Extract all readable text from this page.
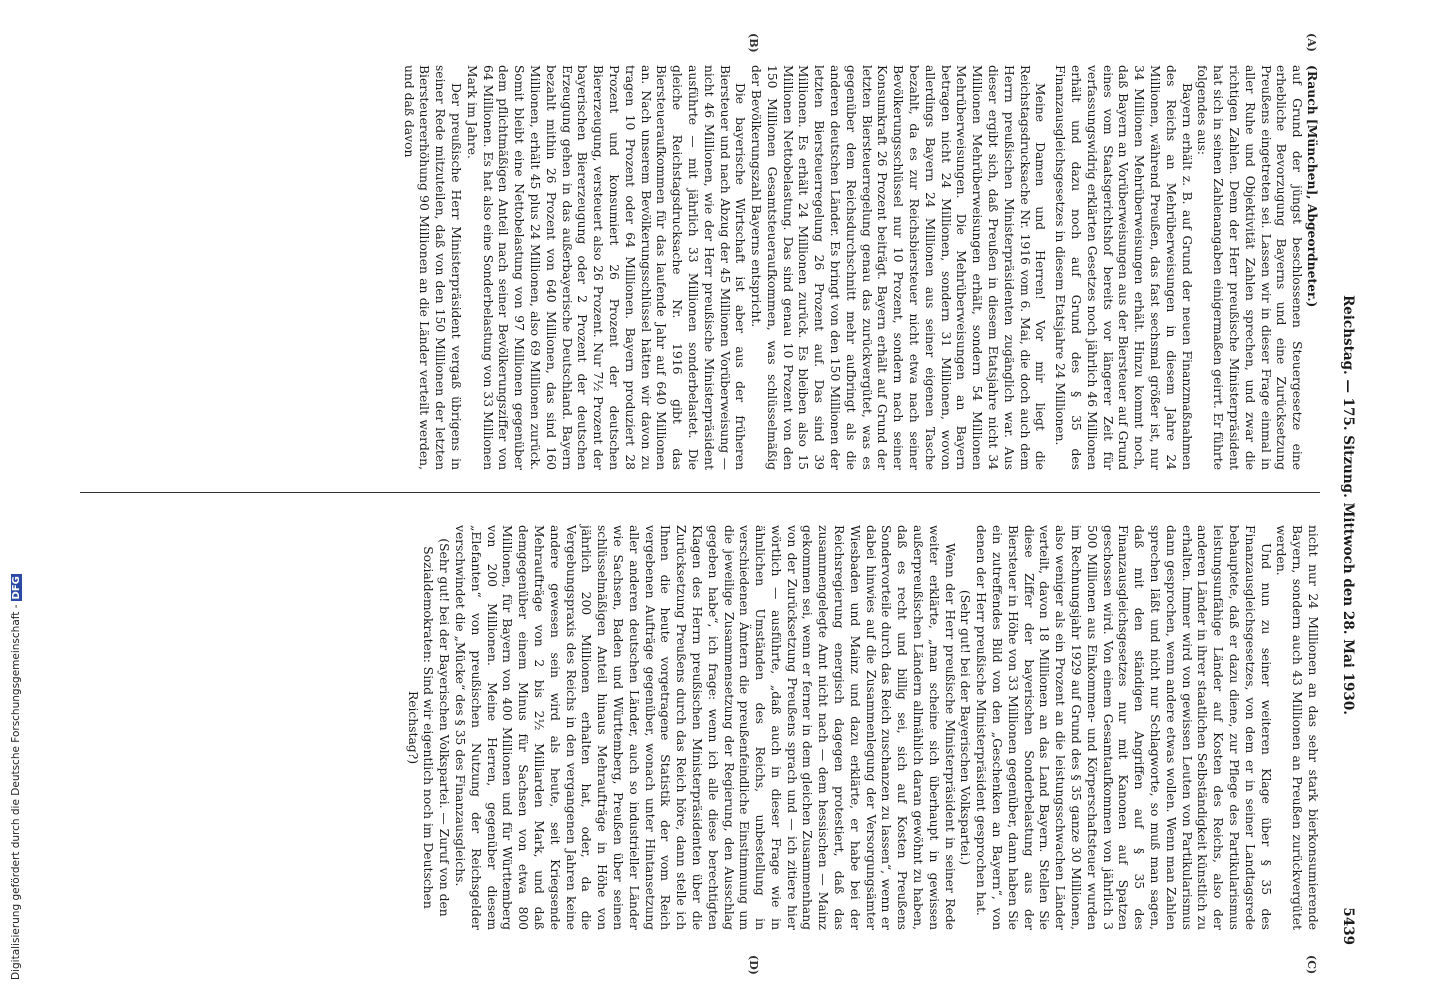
Digitalisierung gefördert durch die Deutsche Forschungsgemeinschaft -DFG	Reichstag. — 175. Sitzung. Mittwoch den 28. Mai 1930.
5439
(A)
(B)
(C)
(D)

(Rauch [München], Abgeordneter.)

auf Grund der jüngst beschlossenen Steuergesetze eine erhebliche Bevorzugung Bayerns und eine Zurücksetzung Preußens eingetreten sei. Lassen wir in dieser Frage einmal in aller Ruhe und Objektivität Zahlen sprechen, und zwar die richtigen Zahlen. Denn der Herr preußische Ministerpräsident hat sich in seinen Zahlenangaben einigermaßen geirrt. Er führte folgendes aus:

Bayern erhält z. B. auf Grund der neuen Finanzmaßnahmen des Reichs an Mehrüberweisungen in diesem Jahre 24 Millionen, während Preußen, das fast sechsmal größer ist, nur 34 Millionen Mehrüberweisungen erhält. Hinzu kommt noch, daß Bayern an Vorüberweisungen aus der Biersteuer auf Grund eines vom Staatsgerichtshof bereits vor längerer Zeit für verfassungswidrig erklärten Gesetzes noch jährlich 46 Millionen erhält und dazu noch auf Grund des § 35 des Finanzausgleichsgesetzes in diesem Etatsjahre 24 Millionen.

Meine Damen und Herren! Vor mir liegt die Reichstagsdrucksache Nr. 1916 vom 6. Mai, die doch auch dem Herrn preußischen Ministerpräsidenten zugänglich war. Aus dieser ergibt sich, daß Preußen in diesem Etatsjahre nicht 34 Millionen Mehrüberweisungen erhält, sondern 54 Millionen Mehrüberweisungen. Die Mehrüberweisungen an Bayern betragen nicht 24 Millionen, sondern 31 Millionen, wovon allerdings Bayern 24 Millionen aus seiner eigenen Tasche bezahlt, da es zur Reichsbiersteuer nicht etwa nach seiner Bevölkerungsschlüssel nur 10 Prozent, sondern nach seiner Konsumkraft 26 Prozent beiträgt. Bayern erhält auf Grund der letzten Biersteuerregelung genau das zurückvergütet, was es gegenüber dem Reichsdurchschnitt mehr aufbringt als die anderen deutschen Länder. Es bringt von den 150 Millionen der letzten Biersteuerregelung 26 Prozent auf. Das sind 39 Millionen. Es erhält 24 Millionen zurück. Es bleiben also 15 Millionen Nettobelastung. Das sind genau 10 Prozent von den 150 Millionen Gesamtsteueraufkommen, was schlüsselmäßig der Bevölkerungszahl Bayerns entspricht.

Die bayerische Wirtschaft ist aber aus der früheren Biersteuer und nach Abzug der 45 Millionen Vorüberweisung — nicht 46 Millionen, wie der Herr preußische Ministerpräsident ausführte — mit jährlich 33 Millionen sonderbelastet. Die gleiche Reichstagsdrucksache Nr. 1916 gibt das Biersteueraufkommen für das laufende Jahr auf 640 Millionen an. Nach unserem Bevölkerungsschlüssel hätten wir davon zu tragen 10 Prozent oder 64 Millionen. Bayern produziert 28 Prozent und konsumiert 26 Prozent der deutschen Biererzeugung, versteuert also 26 Prozent. Nur 7½ Prozent der bayerischen Biererzeugung oder 2 Prozent der deutschen Erzeugung gehen in das außerbayerische Deutschland. Bayern bezahlt mithin 26 Prozent von 640 Millionen, das sind 160 Millionen, erhält 45 plus 24 Millionen, also 69 Millionen zurück. Somit bleibt eine Nettobelastung von 97 Millionen gegenüber dem pflichtmäßigen Anteil nach seiner Bevölkerungsziffer von 64 Millionen. Es hat also eine Sonderbelastung von 33 Millionen Mark im Jahre.

Der preußische Herr Ministerpräsident vergaß übrigens in seiner Rede mitzuteilen, daß von den 150 Millionen der letzten Biersteuererhöhung 90 Millionen an die Länder verteilt werden, und daß davon

nicht nur 24 Millionen an das sehr stark bierkonsumierende Bayern, sondern auch 43 Millionen an Preußen zurückvergütet werden.

Und nun zu seiner weiteren Klage über § 35 des Finanzausgleichsgesetzes, von dem er in seiner Landtagsrede behauptete, daß er dazu diene, zur Pflege des Partikularismus leistungsunfähige Länder auf Kosten des Reichs, also der anderen Länder in ihrer staatlichen Selbständigkeit künstlich zu erhalten. Immer wird von gewissen Leuten von Partikularismus dann gesprochen, wenn andere etwas wollen. Wenn man Zahlen sprechen läßt und nicht nur Schlagworte, so muß man sagen, daß mit den ständigen Angriffen auf § 35 des Finanzausgleichsgesetzes nur mit Kanonen auf Spatzen geschossen wird. Von einem Gesamtaufkommen von jährlich 3 500 Millionen aus Einkommen- und Körperschaftsteuer wurden im Rechnungsjahr 1929 auf Grund des § 35 ganze 30 Millionen, also weniger als ein Prozent an die leistungsschwachen Länder verteilt, davon 18 Millionen an das Land Bayern. Stellen Sie diese Ziffer der bayerischen Sonderbelastung aus der Biersteuer in Höhe von 33 Millionen gegenüber, dann haben Sie ein zutreffendes Bild von den „Geschenken an Bayern“, von denen der Herr preußische Ministerpräsident gesprochen hat.

(Sehr gut! bei der Bayerischen Volkspartei.)

Wenn der Herr preußische Ministerpräsident in seiner Rede weiter erklärte, „man scheine sich überhaupt in gewissen außerpreußischen Ländern allmählich daran gewöhnt zu haben, daß es recht und billig sei, sich auf Kosten Preußens Sondervorteile durch das Reich zuschanzen zu lassen“, wenn er dabei hinwies auf die Zusammenlegung der Versorgungsämter Wiesbaden und Mainz und dazu erklärte, er habe bei der Reichsregierung energisch dagegen protestiert, daß das zusammengelegte Amt nicht nach — dem hessischen — Mainz gekommen sei, wenn er ferner in dem gleichen Zusammenhang von der Zurücksetzung Preußens sprach und — ich zitiere hier wörtlich — ausführte, „daß auch in dieser Frage wie in ähnlichen Umständen des Reichs, unbestellung in verschiedenen Ämtern die preußenfeindliche Einstimmung um die jeweilige Zusammensetzung der Regierung, den Ausschlag gegeben habe“, ich frage: wenn ich alle diese berechtigten Klagen des Herrn preußischen Ministerpräsidenten über die Zurücksetzung Preußens durch das Reich höre, dann stelle ich Ihnen die heute vorgetragene Statistik der vom Reich vergebenen Aufträge gegenüber, wonach unter Hintansetzung aller anderen deutschen Länder, auch so industrieller Länder wie Sachsen, Baden und Württemberg, Preußen über seinen schlüsselmäßigen Anteil hinaus Mehraufträge in Höhe von jährlich 200 Millionen erhalten hat, oder, da die Vergebungspraxis des Reichs in den vergangenen Jahren keine andere gewesen sein wird als heute, seit Kriegsende Mehraufträge von 2 bis 2½ Milliarden Mark, und daß demgegenüber einem Minus für Sachsen von etwa 800 Millionen, für Bayern von 400 Millionen und für Württemberg von 200 Millionen. Meine Herren, gegenüber diesem „Elefanten“ von preußischen Nutzung der Reichsgelder verschwindet die „Mücke“ des § 35 des Finanzausgleichs.

(Sehr gut! bei der Bayerischen Volkspartei. — Zuruf von den Sozialdemokraten: Sind wir eigentlich noch im Deutschen Reichstag?)
